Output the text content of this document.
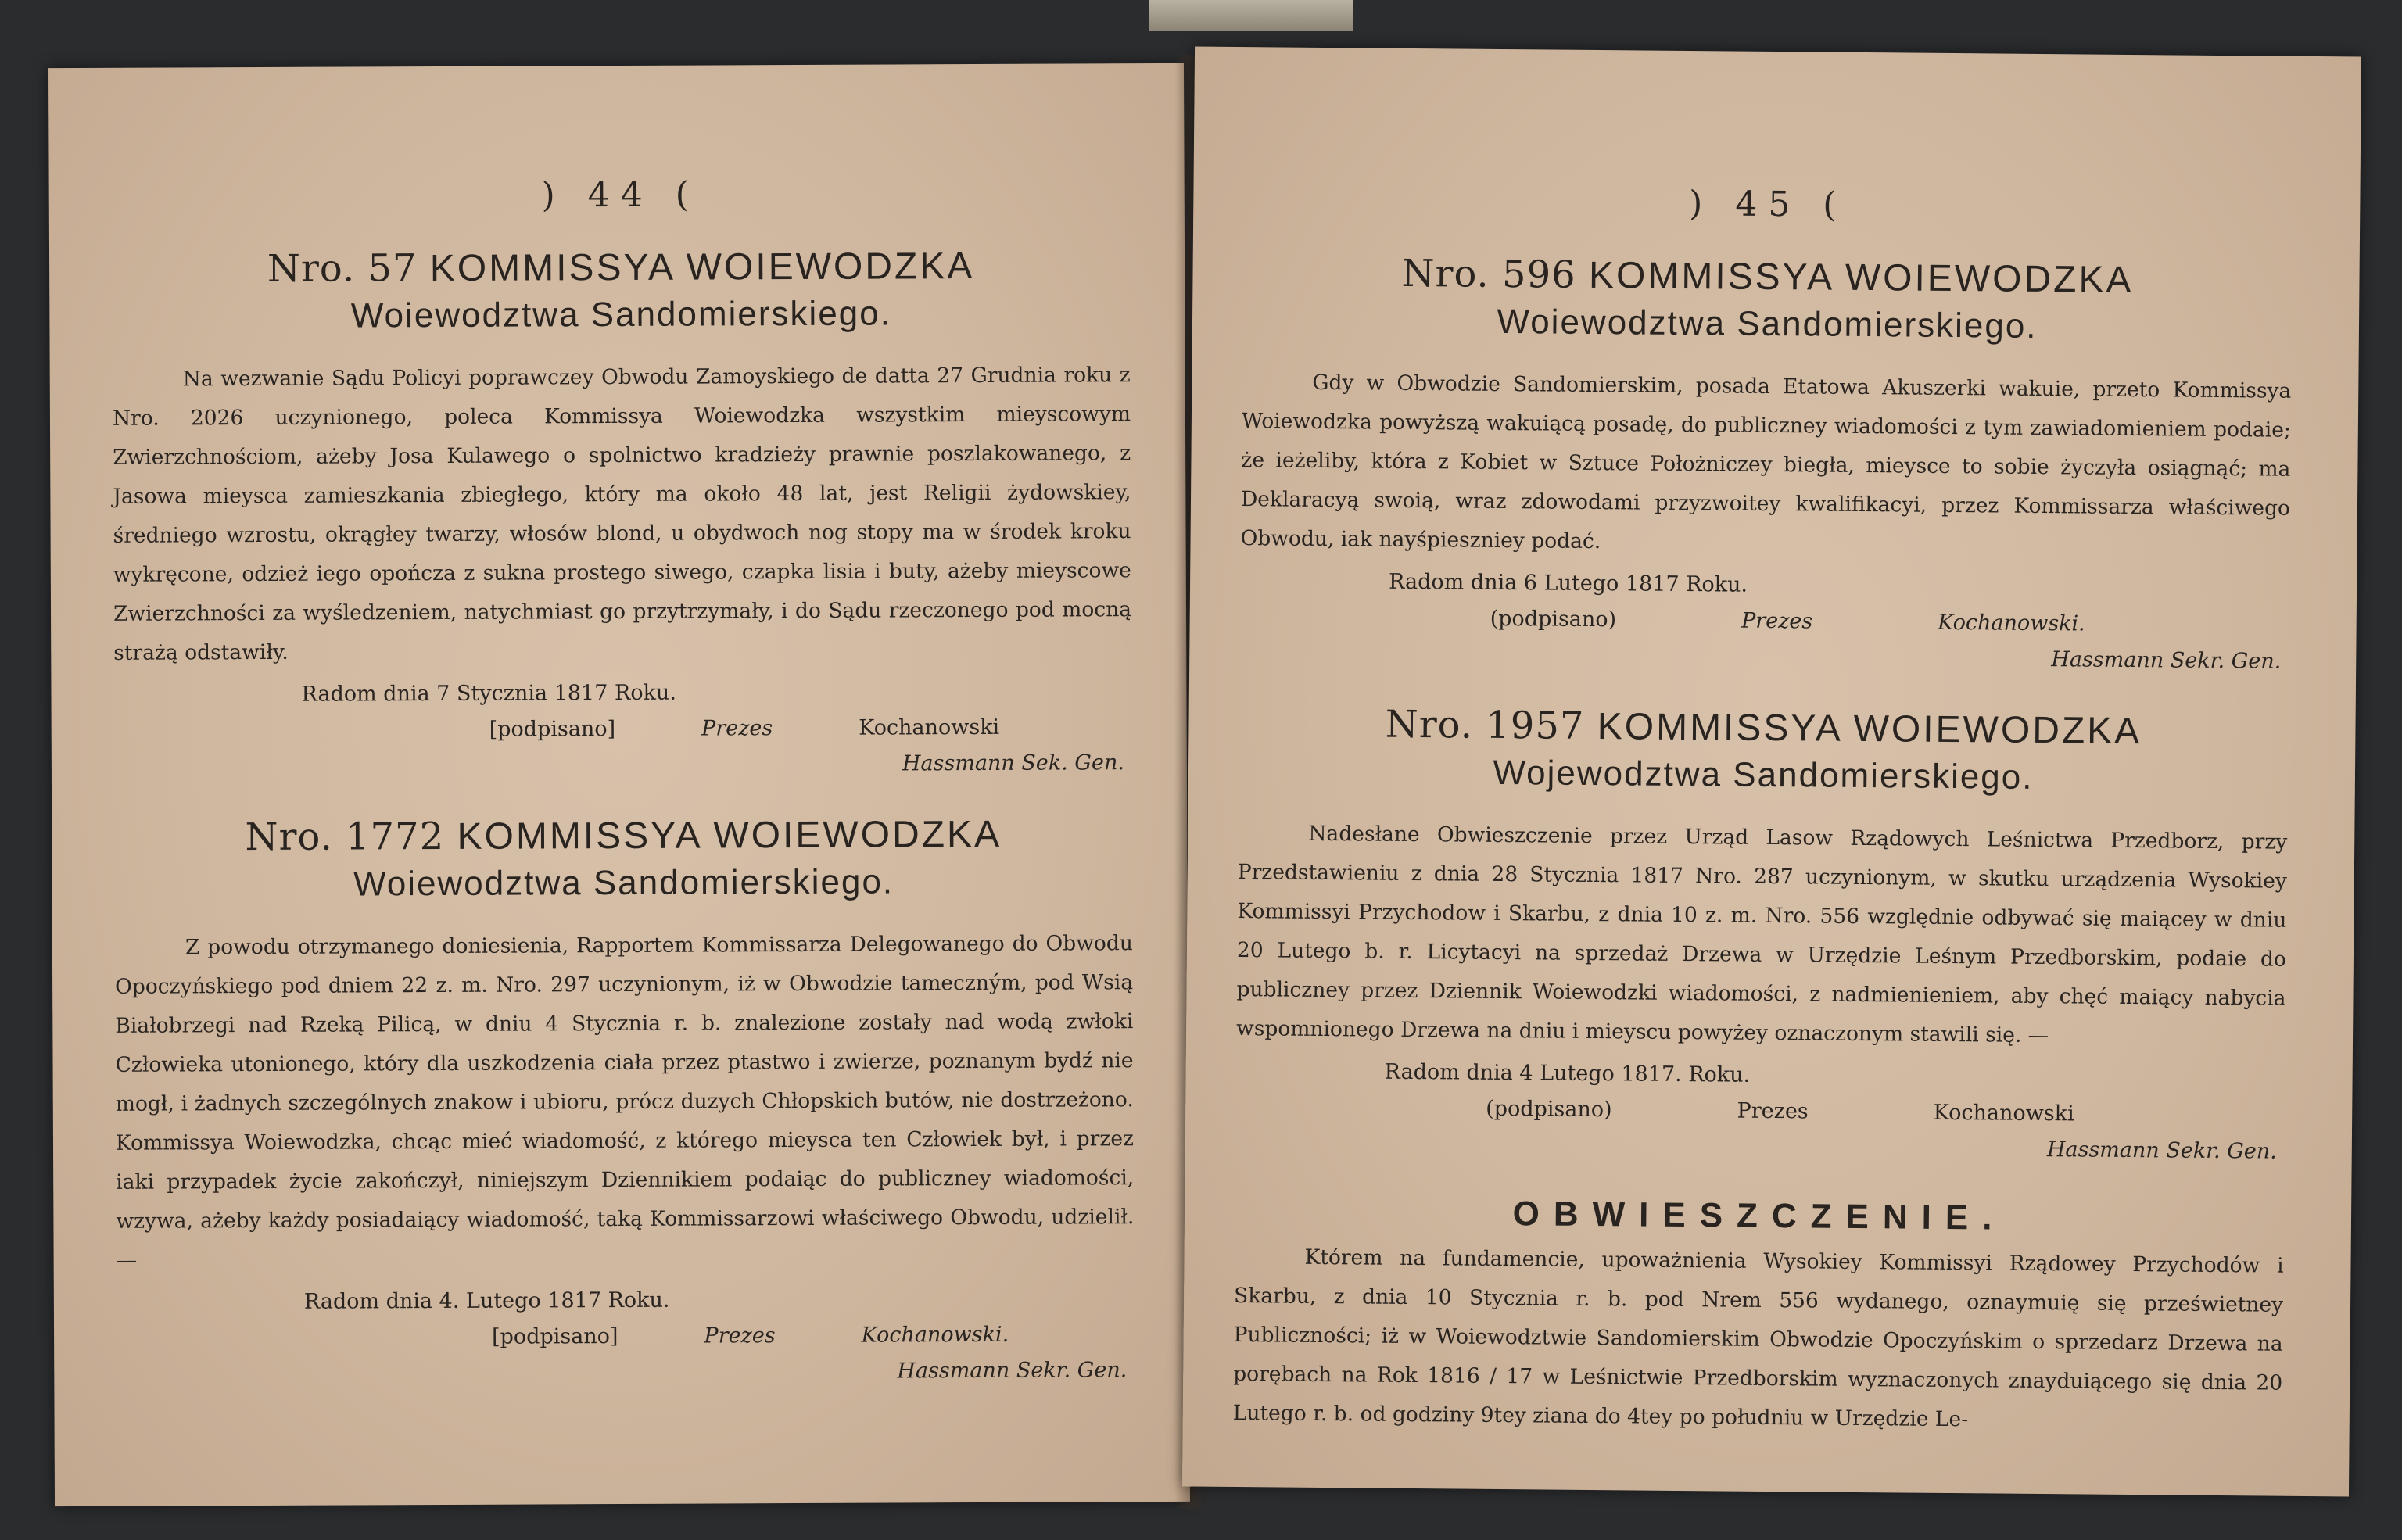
) 44 (
Nro. 57 KOMMISSYA WOIEWODZKA
Woiewodztwa Sandomierskiego.

Na wezwanie Sądu Policyi poprawczey Obwodu Zamoyskiego de datta 27 Grudnia roku z Nro. 2026 uczynionego, poleca Kommissya Woiewodzka wszystkim mieyscowym Zwierzchnościom, ażeby Josa Kulawego o spolnictwo kradzieży prawnie poszlakowanego, z Jasowa mieysca zamieszkania zbiegłego, który ma około 48 lat, jest Religii żydowskiey, średniego wzrostu, okrągłey twarzy, włosów blond, u obydwoch nog stopy ma w środek kroku wykręcone, odzież iego opończa z sukna prostego siwego, czapka lisia i buty, ażeby mieyscowe Zwierzchności za wyśledzeniem, natychmiast go przytrzymały, i do Sądu rzeczonego pod mocną strażą odstawiły.

Radom dnia 7 Stycznia 1817 Roku.
[podpisano]	Prezes	Kochanowski
Hassmann Sek. Gen.
Nro. 1772 KOMMISSYA WOIEWODZKA
Woiewodztwa Sandomierskiego.

Z powodu otrzymanego doniesienia, Rapportem Kommissarza Delegowanego do Obwodu Opoczyńskiego pod dniem 22 z. m. Nro. 297 uczynionym, iż w Obwodzie tameczným, pod Wsią Białobrzegi nad Rzeką Pilicą, w dniu 4 Stycznia r. b. znalezione zostały nad wodą zwłoki Człowieka utonionego, który dla uszkodzenia ciała przez ptastwo i zwierze, poznanym bydź nie mogł, i żadnych szczególnych znakow i ubioru, prócz duzych Chłopskich butów, nie dostrzeżono. Kommissya Woiewodzka, chcąc mieć wiadomość, z którego mieysca ten Człowiek był, i przez iaki przypadek życie zakończył, niniejszym Dziennikiem podaiąc do publiczney wiadomości, wzywa, ażeby każdy posiadaiący wiadomość, taką Kommissarzowi właściwego Obwodu, udzielił. —

Radom dnia 4. Lutego 1817 Roku.
[podpisano]	Prezes	Kochanowski.
Hassmann Sekr. Gen.
) 45 (
Nro. 596 KOMMISSYA WOIEWODZKA
Woiewodztwa Sandomierskiego.

Gdy w Obwodzie Sandomierskim, posada Etatowa Akuszerki wakuie, przeto Kommissya Woiewodzka powyższą wakuiącą posadę, do publiczney wiadomości z tym zawiadomieniem podaie; że ieżeliby, która z Kobiet w Sztuce Położniczey biegła, mieysce to sobie życzyła osiągnąć; ma Deklaracyą swoią, wraz zdowodami przyzwoitey kwalifikacyi, przez Kommissarza właściwego Obwodu, iak nayśpieszniey podać.

Radom dnia 6 Lutego 1817 Roku.
(podpisano)	Prezes	Kochanowski.
Hassmann Sekr. Gen.
Nro. 1957 KOMMISSYA WOIEWODZKA
Wojewodztwa Sandomierskiego.

Nadesłane Obwieszczenie przez Urząd Lasow Rządowych Leśnictwa Przedborz, przy Przedstawieniu z dnia 28 Stycznia 1817 Nro. 287 uczynionym, w skutku urządzenia Wysokiey Kommissyi Przychodow i Skarbu, z dnia 10 z. m. Nro. 556 względnie odbywać się maiącey w dniu 20 Lutego b. r. Licytacyi na sprzedaż Drzewa w Urzędzie Leśnym Przedborskim, podaie do publiczney przez Dziennik Woiewodzki wiadomości, z nadmienieniem, aby chęć maiący nabycia wspomnionego Drzewa na dniu i mieyscu powyżey oznaczonym stawili się. —

Radom dnia 4 Lutego 1817. Roku.
(podpisano)	Prezes	Kochanowski
Hassmann Sekr. Gen.
OBWIESZCZENIE.

Którem na fundamencie, upoważnienia Wysokiey Kommissyi Rządowey Przychodów i Skarbu, z dnia 10 Stycznia r. b. pod Nrem 556 wydanego, oznaymuię się prześwietney Publiczności; iż w Woiewodztwie Sandomierskim Obwodzie Opoczyńskim o sprzedarz Drzewa na porębach na Rok 1816 / 17 w Leśnictwie Przedborskim wyznaczonych znayduiącego się dnia 20 Lutego r. b. od godziny 9tey ziana do 4tey po południu w Urzędzie Le-
